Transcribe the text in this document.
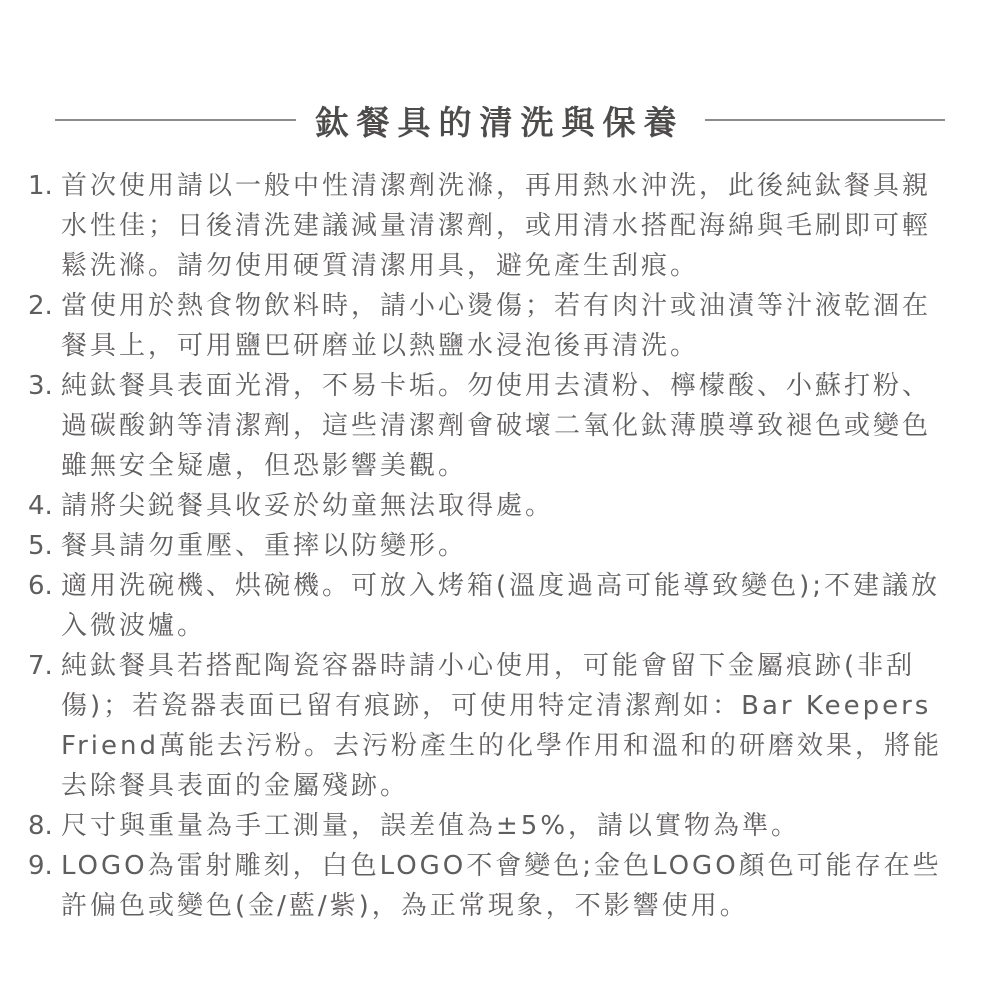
鈦餐具的清洗與保養
1. 首次使用請以一般中性清潔劑洗滌，再用熱水沖洗，此後純鈦餐具親水性佳；日後清洗建議減量清潔劑，或用清水搭配海綿與毛刷即可輕鬆洗滌。請勿使用硬質清潔用具，避免產生刮痕。
2. 當使用於熱食物飲料時，請小心燙傷；若有肉汁或油漬等汁液乾涸在餐具上，可用鹽巴研磨並以熱鹽水浸泡後再清洗。
3. 純鈦餐具表面光滑，不易卡垢。勿使用去漬粉、檸檬酸、小蘇打粉、過碳酸鈉等清潔劑，這些清潔劑會破壞二氧化鈦薄膜導致褪色或變色雖無安全疑慮，但恐影響美觀。
4. 請將尖鋭餐具收妥於幼童無法取得處。
5. 餐具請勿重壓、重摔以防變形。
6. 適用洗碗機、烘碗機。可放入烤箱(溫度過高可能導致變色);不建議放入微波爐。
7. 純鈦餐具若搭配陶瓷容器時請小心使用，可能會留下金屬痕跡(非刮傷)；若瓷器表面已留有痕跡，可使用特定清潔劑如：Bar Keepers Friend萬能去污粉。去污粉產生的化學作用和溫和的研磨效果，將能去除餐具表面的金屬殘跡。
8. 尺寸與重量為手工測量，誤差值為±5%，請以實物為準。
9. LOGO為雷射雕刻，白色LOGO不會變色;金色LOGO顏色可能存在些許偏色或變色(金/藍/紫)，為正常現象，不影響使用。
